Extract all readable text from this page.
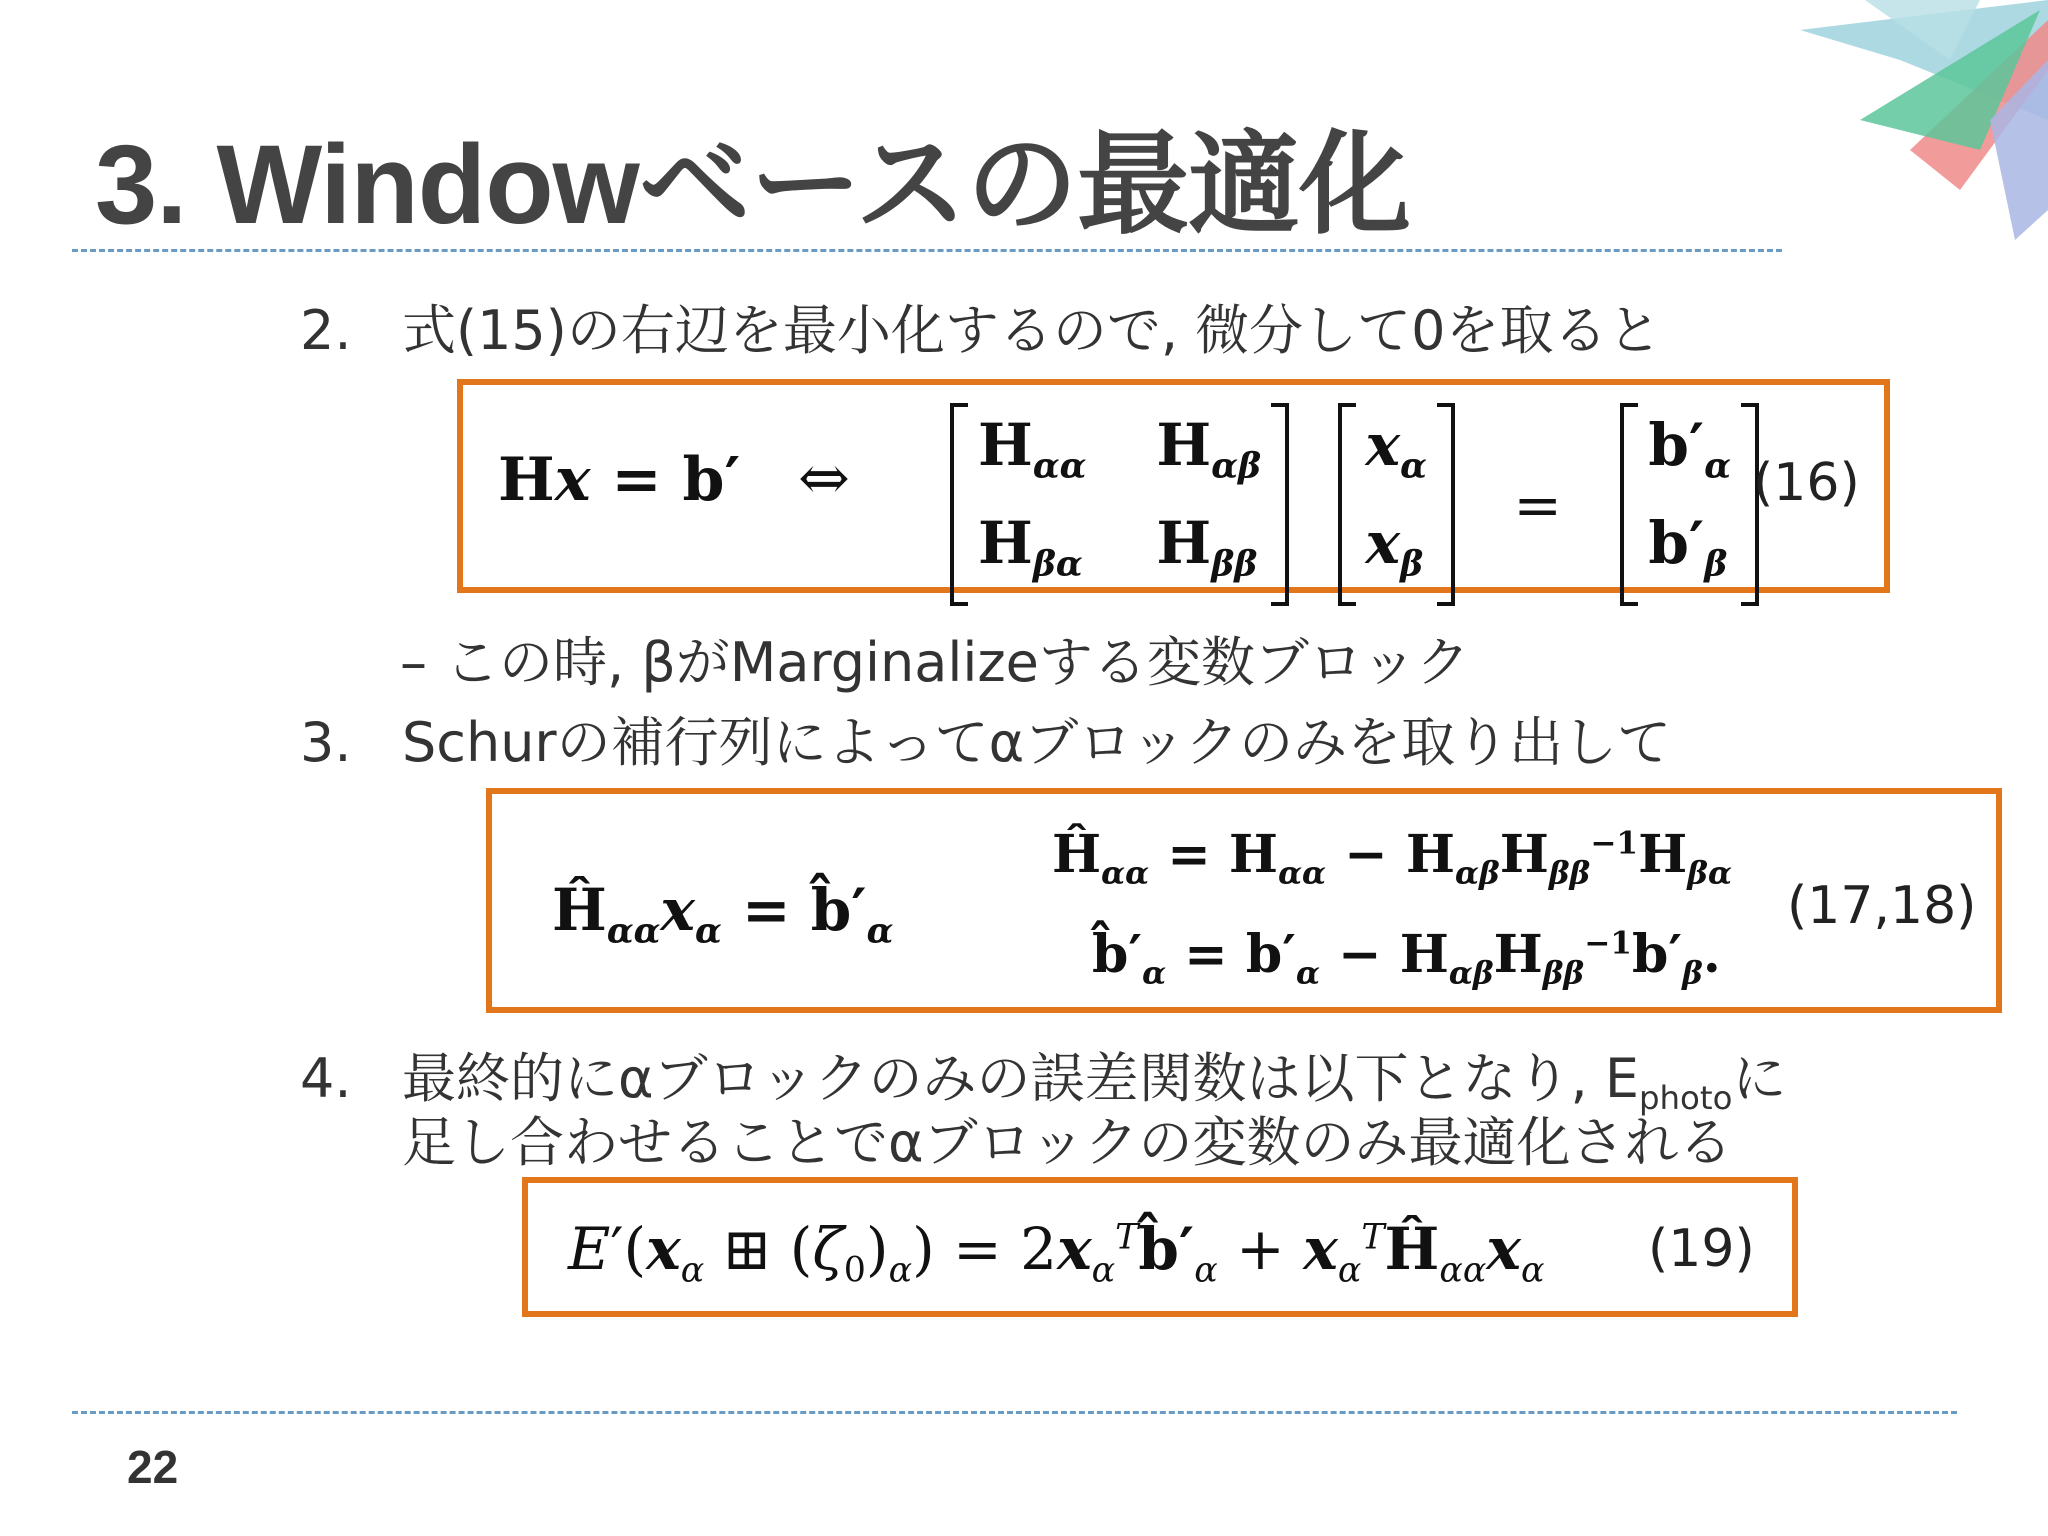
3. Windowベースの最適化
2. 式(15)の右辺を最小化するので, 微分して0を取ると
Hx = b′ ⇔ $H_{\alpha\alpha}$ $H_{\alpha\beta}$
$H_{\beta\alpha}$ $H_{\beta\beta}$

$x_\alpha$
$x_\beta$
=
$b'_\alpha$
$b'_\beta$
(16)
– この時, βがMarginalizeする変数ブロック
3. Schurの補行列によってαブロックのみを取り出して
$Ĥ_{\alpha\alpha}x_\alpha$ = $b̂'_\alpha$
$Ĥ_{\alpha\alpha} = H_{\alpha\alpha} - H_{\alpha\beta}H_{\beta\beta}^{-1}H_{\beta\alpha}$
$b̂'_\alpha = b'_\alpha - H_{\alpha\beta}H_{\beta\beta}^{-1}b'_\beta$.
(17,18)
4. 最終的にαブロックのみの誤差関数は以下となり, $E_{photo}$に
足し合わせることでαブロックの変数のみ最適化される
$E'(x_\alpha$ ⊞ $(\zeta_0)_\alpha$) = $2x_\alpha^Tb̂'_\alpha$ + $x_\alpha^TĤ_{\alpha\alpha}x_\alpha$ (19)
22
